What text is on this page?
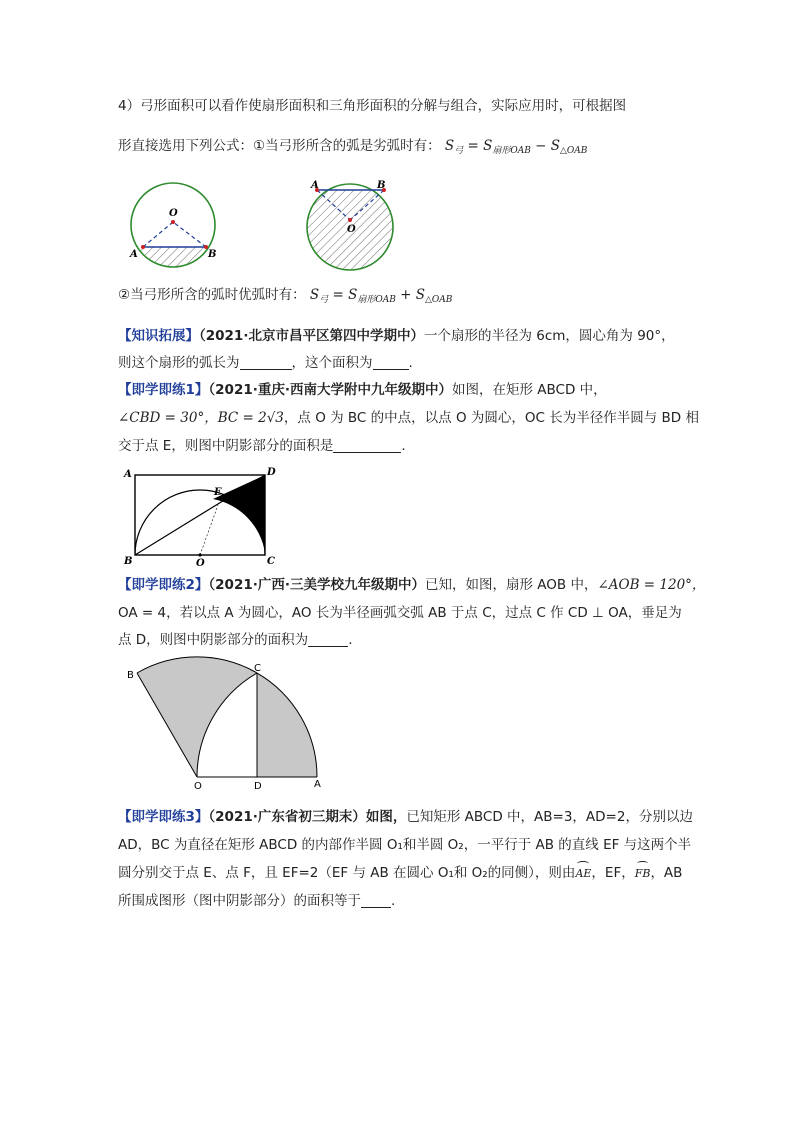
4）弓形面积可以看作使扇形面积和三角形面积的分解与组合，实际应用时，可根据图
形直接选用下列公式：①当弓形所含的弧是劣弧时有： $S_弓 = S_{扇形OAB} - S_{\triangle OAB}$
O
A	B
O
A	B
②当弓形所含的弧时优弧时有： $S_弓 = S_{扇形OAB} + S_{\triangle OAB}$
【知识拓展】（2021·北京市昌平区第四中学期中）一个扇形的半径为 6cm，圆心角为 90°，
则这个扇形的弧长为	，这个面积为	.
【即学即练1】（2021·重庆·西南大学附中九年级期中）如图，在矩形 ABCD 中，
∠CBD = 30°，BC = 2√3，点 O 为 BC 的中点，以点 O 为圆心，OC 长为半径作半圆与 BD 相
交于点 E，则图中阴影部分的面积是	.
A
B	C
D
E
O
【即学即练2】（2021·广西·三美学校九年级期中）已知，如图，扇形 AOB 中，∠AOB = 120°，
OA = 4，若以点 A 为圆心，AO 长为半径画弧交弧 AB 于点 C，过点 C 作 CD ⊥ OA，垂足为
点 D，则图中阴影部分的面积为	.
B
C
O	D	A
【即学即练3】（2021·广东省初三期末）如图，已知矩形 ABCD 中，AB=3，AD=2，分别以边
AD，BC 为直径在矩形 ABCD 的内部作半圆 O₁和半圆 O₂，一平行于 AB 的直线 EF 与这两个半
圆分别交于点 E、点 F，且 EF=2（EF 与 AB 在圆心 O₁和 O₂的同侧），则由AE，EF，FB，AB
所围成图形（图中阴影部分）的面积等于 .
